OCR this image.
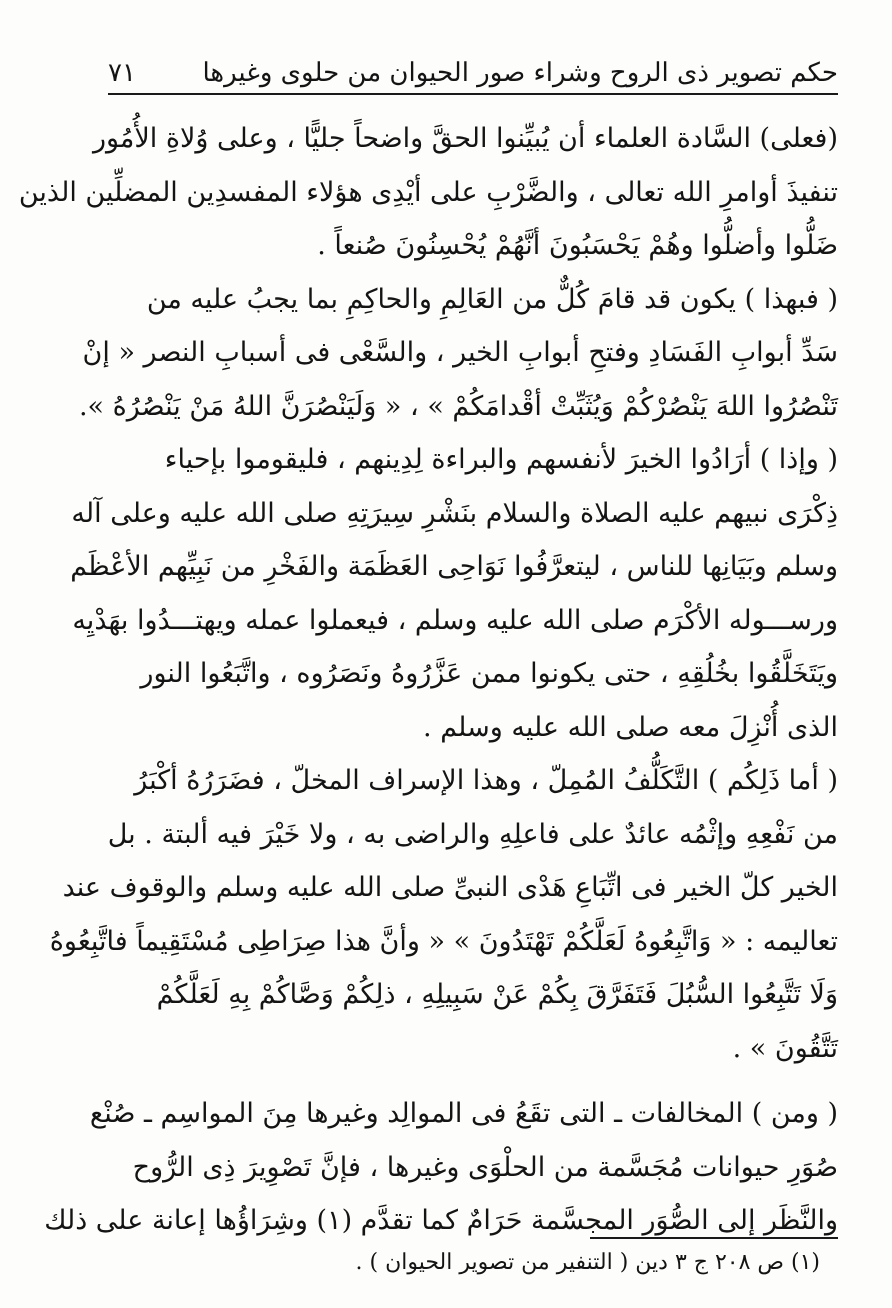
حكم تصوير ذى الروح وشراء صور الحيوان من حلوى وغيرها
٧١
(فعلى) السَّادة العلماء أن يُبيِّنوا الحقَّ واضحاً جليًّا ، وعلى وُلاةِ الأُمُور
تنفيذَ أوامرِ الله تعالى ، والضَّرْبِ على أيْدِى هؤلاء المفسدِين المضلِّين الذين
ضَلُّوا وأضلُّوا وهُمْ يَحْسَبُونَ أنَّهُمْ يُحْسِنُونَ صُنعاً .
( فبهذا ) يكون قد قامَ كُلٌّ من العَالِمِ والحاكِمِ بما يجبُ عليه من
سَدِّ أبوابِ الفَسَادِ وفتحِ أبوابِ الخير ، والسَّعْى فى أسبابِ النصر « إنْ
تَنْصُرُوا اللهَ يَنْصُرْكُمْ وَيُثَبِّتْ أقْدامَكُمْ » ، « وَلَيَنْصُرَنَّ اللهُ مَنْ يَنْصُرُهُ ».
( وإذا ) أرَادُوا الخيرَ لأنفسهم والبراءة لِدِينهم ، فليقوموا بإحياء
ذِكْرَى نبيهم عليه الصلاة والسلام بنَشْرِ سِيرَتِهِ صلى الله عليه وعلى آله
وسلم وبَيَانِها للناس ، ليتعرَّفُوا نَوَاحِى العَظَمَة والفَخْرِ من نَبِيِّهم الأعْظَم
ورســـوله الأكْرَم صلى الله عليه وسلم ، فيعملوا عمله ويهتـــدُوا بهَدْيِه
ويَتَخَلَّقُوا بخُلُقِهِ ، حتى يكونوا ممن عَزَّرُوهُ ونَصَرُوه ، واتَّبَعُوا النور
الذى أُنْزِلَ معه صلى الله عليه وسلم .
( أما ذَلِكُم ) التَّكَلُّفُ المُمِلّ ، وهذا الإسراف المخلّ ، فضَرَرُهُ أكْبَرُ
من نَفْعِهِ وإثْمُه عائدٌ على فاعلِهِ والراضى به ، ولا خَيْرَ فيه ألبتة . بل
الخير كلّ الخير فى اتِّبَاعِ هَدْى النبىِّ صلى الله عليه وسلم والوقوف عند
تعاليمه : « وَاتَّبِعُوهُ لَعَلَّكُمْ تَهْتَدُونَ » « وأنَّ هذا صِرَاطِى مُسْتَقِيماً فاتَّبِعُوهُ
وَلَا تَتَّبِعُوا السُّبُلَ فَتَفَرَّقَ بِكُمْ عَنْ سَبِيلِهِ ، ذلِكُمْ وَصَّاكُمْ بِهِ لَعَلَّكُمْ
تَتَّقُونَ » .
( ومن ) المخالفات ـ التى تقَعُ فى الموالِد وغيرها مِنَ المواسِم ـ صُنْع
صُوَرِ حيوانات مُجَسَّمة من الحلْوَى وغيرها ، فإنَّ تَصْوِيرَ ذِى الرُّوح
والنَّظَر إلى الصُّوَر المجسَّمة حَرَامٌ كما تقدَّم (١) وشِرَاؤُها إعانة على ذلك
(١) ص ٢٠٨ ج ٣ دين ( التنفير من تصوير الحيوان ) .
